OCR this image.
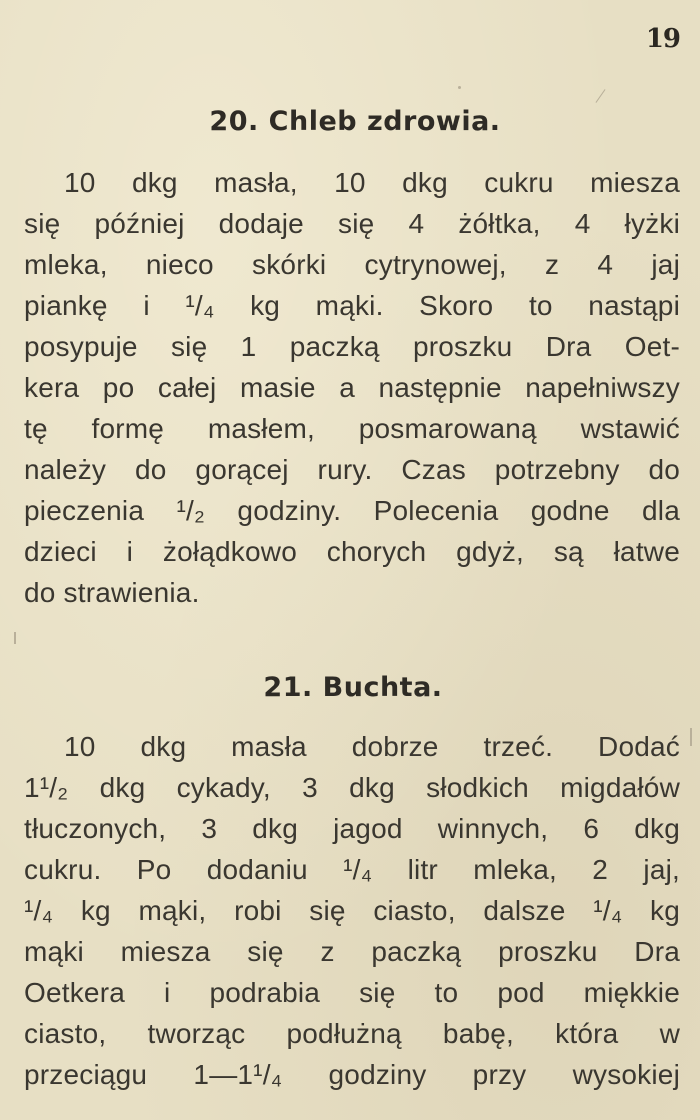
19
20. Chleb zdrowia.
10 dkg masła, 10 dkg cukru miesza
się później dodaje się 4 żółtka, 4 łyżki
mleka, nieco skórki cytrynowej, z 4 jaj
piankę i ¹/₄ kg mąki. Skoro to nastąpi
posypuje się 1 paczką proszku Dra Oet-
kera po całej masie a następnie napełniwszy
tę formę masłem, posmarowaną wstawić
należy do gorącej rury. Czas potrzebny do
pieczenia ¹/₂ godziny. Polecenia godne dla
dzieci i żołądkowo chorych gdyż, są łatwe
do strawienia.
21. Buchta.
10 dkg masła dobrze trzeć. Dodać
1¹/₂ dkg cykady, 3 dkg słodkich migdałów
tłuczonych, 3 dkg jagod winnych, 6 dkg
cukru. Po dodaniu ¹/₄ litr mleka, 2 jaj,
¹/₄ kg mąki, robi się ciasto, dalsze ¹/₄ kg
mąki miesza się z paczką proszku Dra
Oetkera i podrabia się to pod miękkie
ciasto, tworząc podłużną babę, która w
przeciągu 1—1¹/₄ godziny przy wysokiej
